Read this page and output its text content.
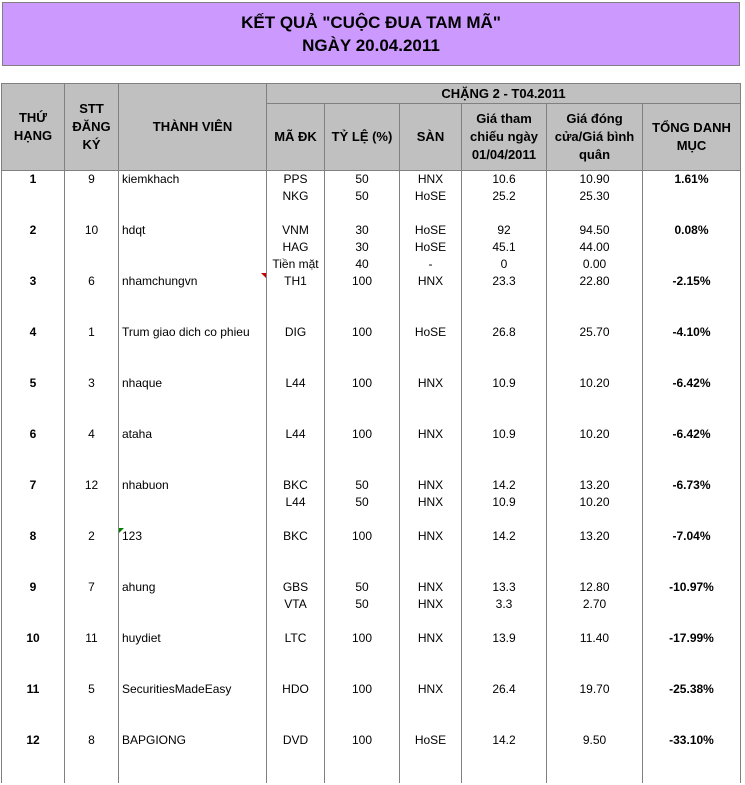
KẾT QUẢ "CUỘC ĐUA TAM MÃ"
NGÀY 20.04.2011
THỨ HẠNG	STT ĐĂNG KÝ	THÀNH VIÊN	CHẶNG 2 - T04.2011					
			MÃ ĐK	TỶ LỆ (%)	SÀN	Giá tham chiếu ngày 01/04/2011	Giá đóng cửa/Giá bình quân	TỔNG DANH MỤC
1	9	kiemkhach	PPS	50	HNX	10.6	10.90	1.61%
			NKG	50	HoSE	25.2	25.30	

2	10	hdqt	VNM	30	HoSE	92	94.50	0.08%
			HAG	30	HoSE	45.1	44.00	
			Tiền mặt	40	-	0	0.00	
3	6	nhamchungvn	TH1	100	HNX	23.3	22.80	-2.15%

4	1	Trum giao dich co phieu	DIG	100	HoSE	26.8	25.70	-4.10%

5	3	nhaque	L44	100	HNX	10.9	10.20	-6.42%

6	4	ataha	L44	100	HNX	10.9	10.20	-6.42%

7	12	nhabuon	BKC	50	HNX	14.2	13.20	-6.73%
			L44	50	HNX	10.9	10.20	

8	2	123	BKC	100	HNX	14.2	13.20	-7.04%

9	7	ahung	GBS	50	HNX	13.3	12.80	-10.97%
			VTA	50	HNX	3.3	2.70	

10	11	huydiet	LTC	100	HNX	13.9	11.40	-17.99%

11	5	SecuritiesMadeEasy	HDO	100	HNX	26.4	19.70	-25.38%

12	8	BAPGIONG	DVD	100	HoSE	14.2	9.50	-33.10%
